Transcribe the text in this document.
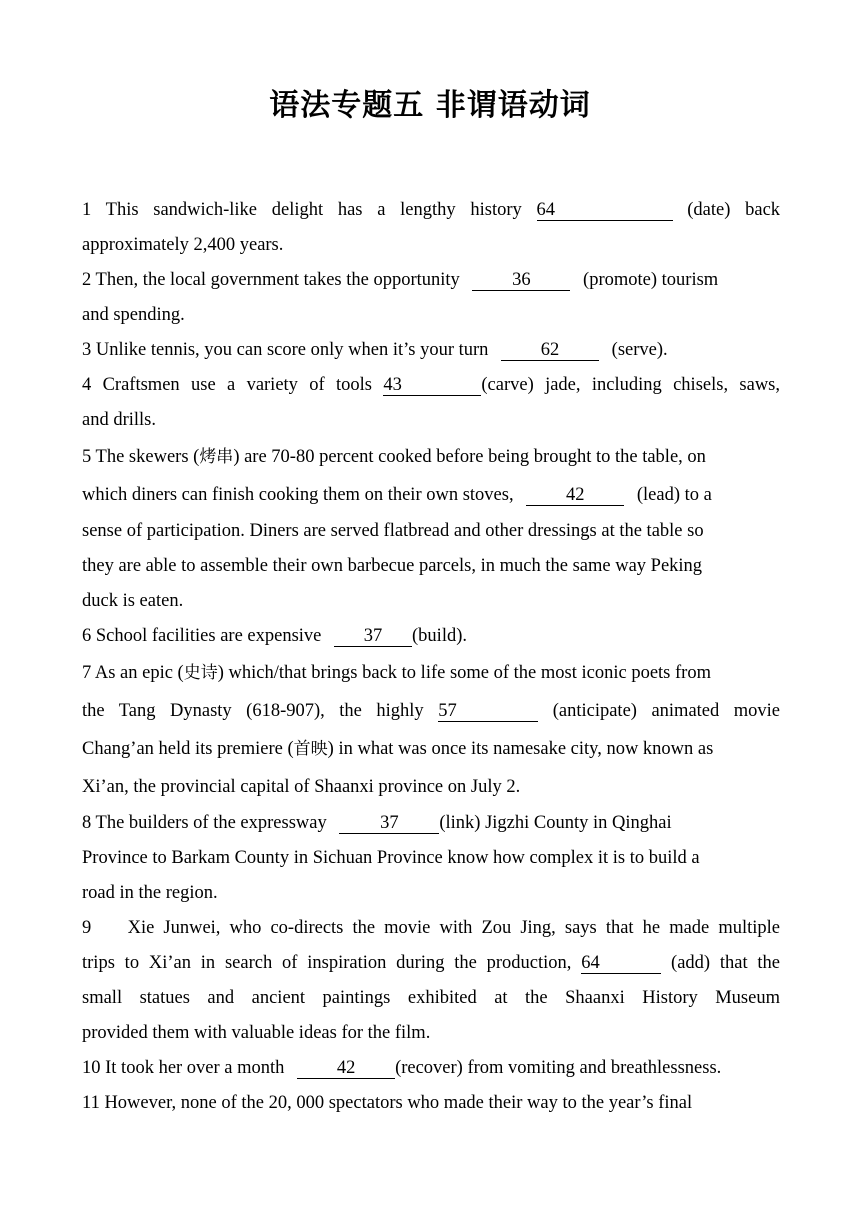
语法专题五 非谓语动词
1 This sandwich-like delight has a lengthy history 64	(date) back
approximately 2,400 years.
2 Then, the local government takes the opportunity	36	(promote) tourism
and spending.
3 Unlike tennis, you can score only when it’s your turn	62	(serve).
4 Craftsmen use a variety of tools 43	(carve) jade, including chisels, saws,
and drills.
5 The skewers (烤串) are 70-80 percent cooked before being brought to the table, on
which diners can finish cooking them on their own stoves,	42	(lead) to a
sense of participation. Diners are served flatbread and other dressings at the table so
they are able to assemble their own barbecue parcels, in much the same way Peking
duck is eaten.
6 School facilities are expensive 37 (build).
7 As an epic (史诗) which/that brings back to life some of the most iconic poets from
the Tang Dynasty (618-907), the highly 57	(anticipate) animated movie
Chang’an held its premiere (首映) in what was once its namesake city, now known as
Xi’an, the provincial capital of Shaanxi province on July 2.
8 The builders of the expressway	37 (link) Jigzhi County in Qinghai
Province to Barkam County in Sichuan Province know how complex it is to build a
road in the region.
9    Xie Junwei, who co-directs the movie with Zou Jing, says that he made multiple
trips to Xi’an in search of inspiration during the production, 64	(add) that the
small statues and ancient paintings exhibited at the Shaanxi History Museum
provided them with valuable ideas for the film.
10 It took her over a month	42 (recover) from vomiting and breathlessness.
11 However, none of the 20, 000 spectators who made their way to the year’s final
